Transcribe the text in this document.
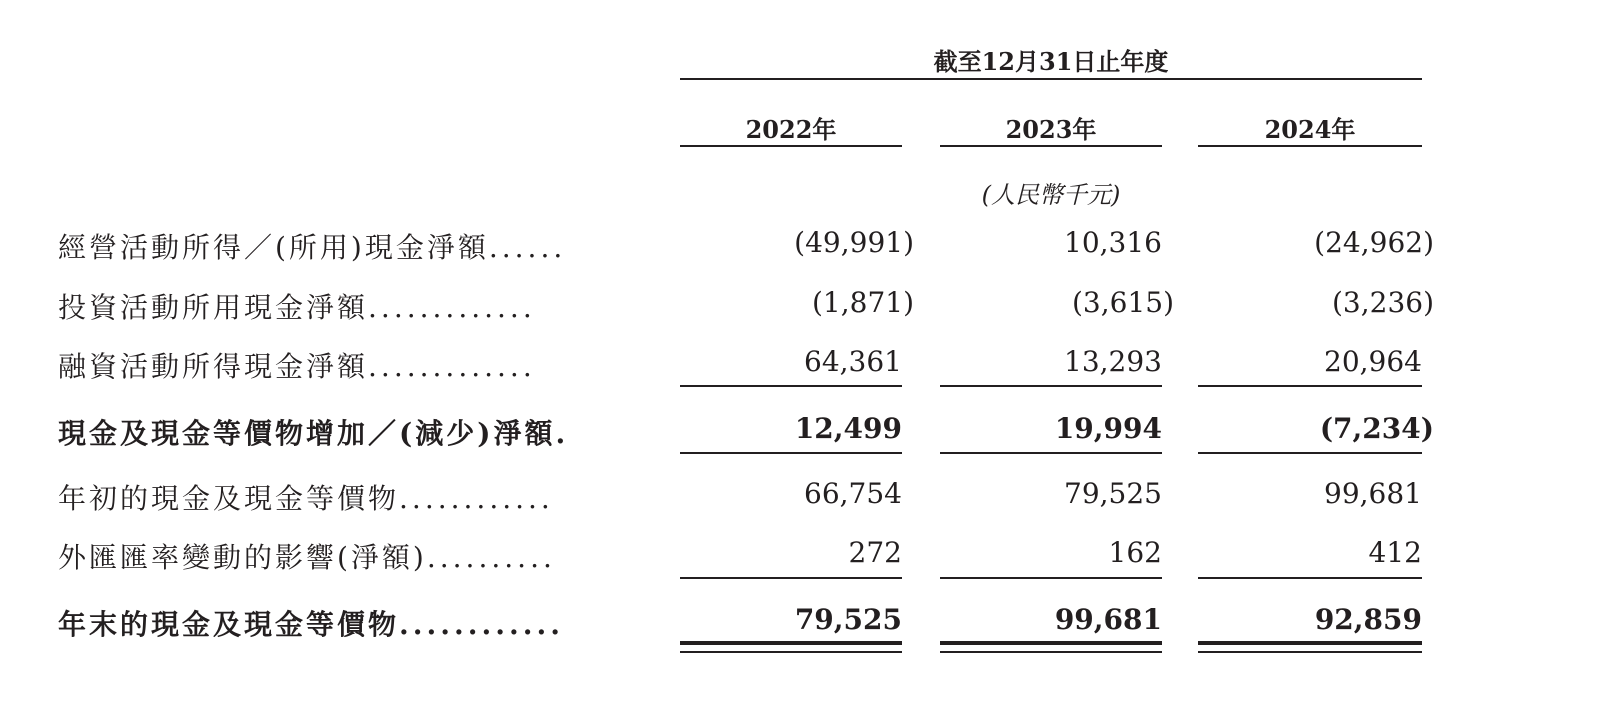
截至12月31日止年度
2022年	2023年	2024年
(人民幣千元)
經營活動所得／(所用)現金淨額......	(49,991)	10,316	(24,962)
投資活動所用現金淨額.............	(1,871)	(3,615)	(3,236)
融資活動所得現金淨額.............	64,361	13,293	20,964
現金及現金等價物增加／(減少)淨額.	12,499	19,994	(7,234)
年初的現金及現金等價物............	66,754	79,525	99,681
外匯匯率變動的影響(淨額)..........	272	162	412
年末的現金及現金等價物............	79,525	99,681	92,859
